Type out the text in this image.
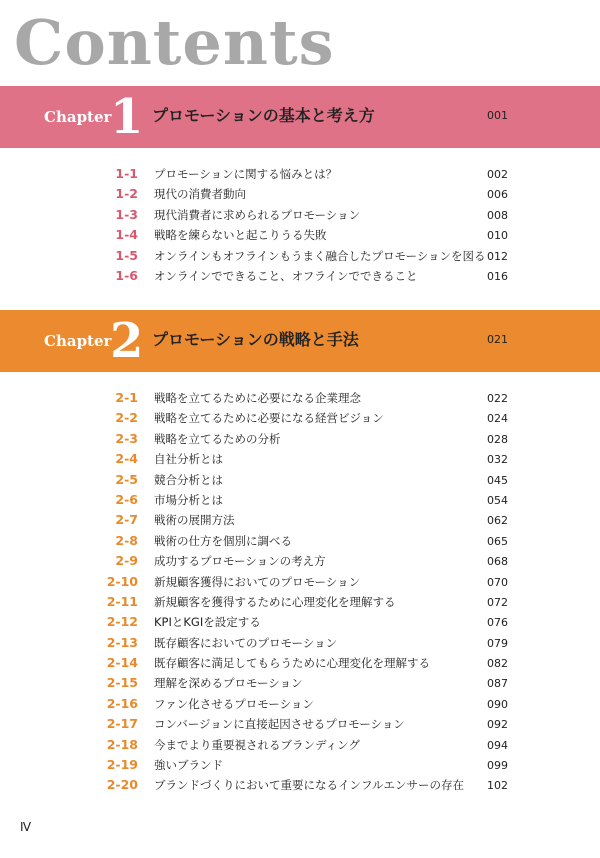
Contents
Chapter
1 プロモーションの基本と考え方	001
1-1 プロモーションに関する悩みとは？	002
1-2 現代の消費者動向	006
1-3 現代消費者に求められるプロモーション	008
1-4 戦略を練らないと起こりうる失敗	010
1-5 オンラインもオフラインもうまく融合したプロモーションを図る 012
1-6 オンラインでできること、オフラインでできること	016
Chapter
2 プロモーションの戦略と手法	021
2-1 戦略を立てるために必要になる企業理念	022
2-2 戦略を立てるために必要になる経営ビジョン	024
2-3 戦略を立てるための分析	028
2-4 自社分析とは	032
2-5 競合分析とは	045
2-6 市場分析とは	054
2-7 戦術の展開方法	062
2-8 戦術の仕方を個別に調べる	065
2-9 成功するプロモーションの考え方	068
2-10 新規顧客獲得においてのプロモーション	070
2-11 新規顧客を獲得するために心理変化を理解する	072
2-12 KPIとKGIを設定する	076
2-13 既存顧客においてのプロモーション	079
2-14 既存顧客に満足してもらうために心理変化を理解する	082
2-15 理解を深めるプロモーション	087
2-16 ファン化させるプロモーション	090
2-17 コンバージョンに直接起因させるプロモーション	092
2-18 今までより重要視されるブランディング	094
2-19 強いブランド	099
2-20 ブランドづくりにおいて重要になるインフルエンサーの存在 102
Ⅳ
